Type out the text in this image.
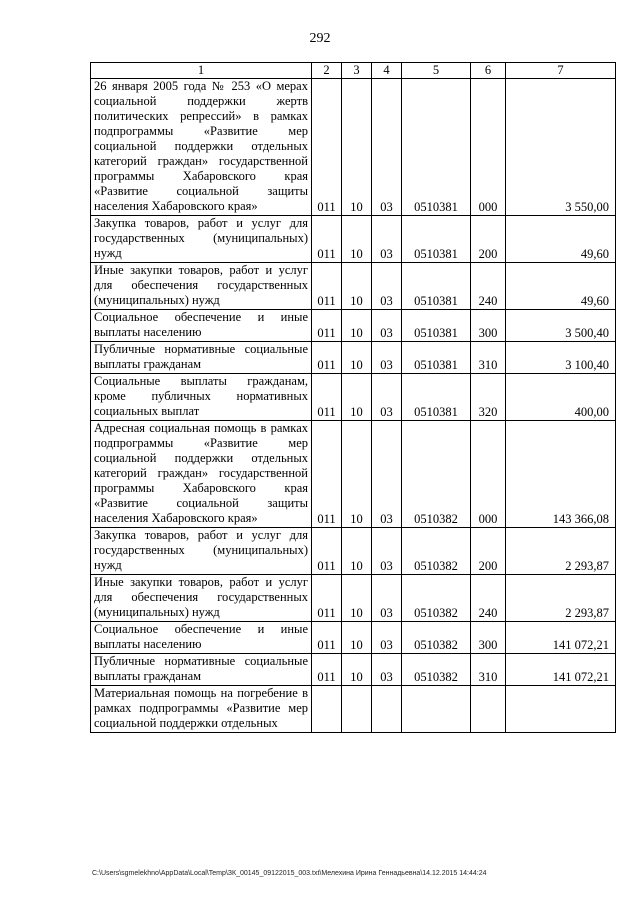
292
1	2	3	4	5	6	7
26 января 2005 года № 253 «О мерах социальной поддержки жертв политических репрессий» в рамках подпрограммы «Развитие мер социальной поддержки отдельных категорий граждан» государственной программы Хабаровского края «Развитие социальной защиты населения Хабаровского края»	011	10	03	0510381	000	3 550,00
Закупка товаров, работ и услуг для государственных (муниципальных) нужд	011	10	03	0510381	200	49,60
Иные закупки товаров, работ и услуг для обеспечения государственных (муниципальных) нужд	011	10	03	0510381	240	49,60
Социальное обеспечение и иные выплаты населению	011	10	03	0510381	300	3 500,40
Публичные нормативные социальные выплаты гражданам	011	10	03	0510381	310	3 100,40
Социальные выплаты гражданам, кроме публичных нормативных социальных выплат	011	10	03	0510381	320	400,00
Адресная социальная помощь в рамках подпрограммы «Развитие мер социальной поддержки отдельных категорий граждан» государственной программы Хабаровского края «Развитие социальной защиты населения Хабаровского края»	011	10	03	0510382	000	143 366,08
Закупка товаров, работ и услуг для государственных (муниципальных) нужд	011	10	03	0510382	200	2 293,87
Иные закупки товаров, работ и услуг для обеспечения государственных (муниципальных) нужд	011	10	03	0510382	240	2 293,87
Социальное обеспечение и иные выплаты населению	011	10	03	0510382	300	141 072,21
Публичные нормативные социальные выплаты гражданам	011	10	03	0510382	310	141 072,21
Материальная помощь на погребение в рамках подпрограммы «Развитие мер социальной поддержки отдельных						
C:\Users\sgmelekhno\AppData\Local\Temp\ЗК_00145_09122015_003.txt\Мелехина Ирина Геннадьевна\14.12.2015 14:44:24
